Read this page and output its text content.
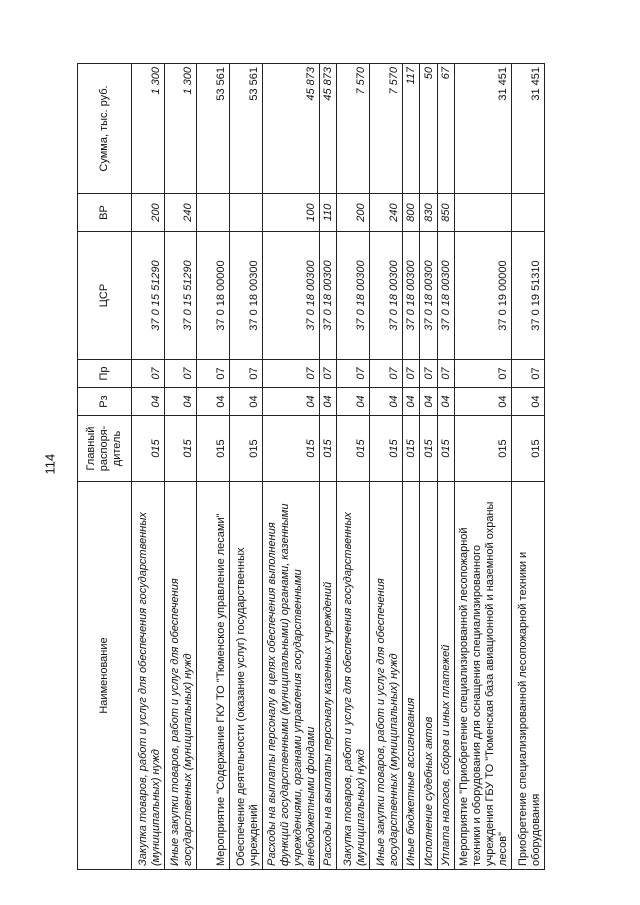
114
Наименование	Главный распоря- дитель	Рз	Пр	ЦСР	ВР	Сумма, тыс. руб.
Закупка товаров, работ и услуг для обеспечения государственных (муниципальных) нужд	015	04	07	37 0 15 51290	200	1 300
Иные закупки товаров, работ и услуг для обеспечения государственных (муниципальных) нужд	015	04	07	37 0 15 51290	240	1 300
Мероприятие "Содержание ГКУ ТО "Тюменское управление лесами"	015	04	07	37 0 18 00000		53 561
Обеспечение деятельности (оказание услуг) государственных учреждений	015	04	07	37 0 18 00300		53 561
Расходы на выплаты персоналу в целях обеспечения выполнения функций государственными (муниципальными) органами, казенными учреждениями, органами управления государственными внебюджетными фондами	015	04	07	37 0 18 00300	100	45 873
Расходы на выплаты персоналу казенных учреждений	015	04	07	37 0 18 00300	110	45 873
Закупка товаров, работ и услуг для обеспечения государственных (муниципальных) нужд	015	04	07	37 0 18 00300	200	7 570
Иные закупки товаров, работ и услуг для обеспечения государственных (муниципальных) нужд	015	04	07	37 0 18 00300	240	7 570
Иные бюджетные ассигнования	015	04	07	37 0 18 00300	800	117
Исполнение судебных актов	015	04	07	37 0 18 00300	830	50
Уплата налогов, сборов и иных платежей	015	04	07	37 0 18 00300	850	67
Мероприятие "Приобретение специализированной лесопожарной техники и оборудования для оснащения специализированного учреждения ГБУ ТО "Тюменская база авиационной и наземной охраны лесов"	015	04	07	37 0 19 00000		31 451
Приобретение специализированной лесопожарной техники и оборудования	015	04	07	37 0 19 51310		31 451
